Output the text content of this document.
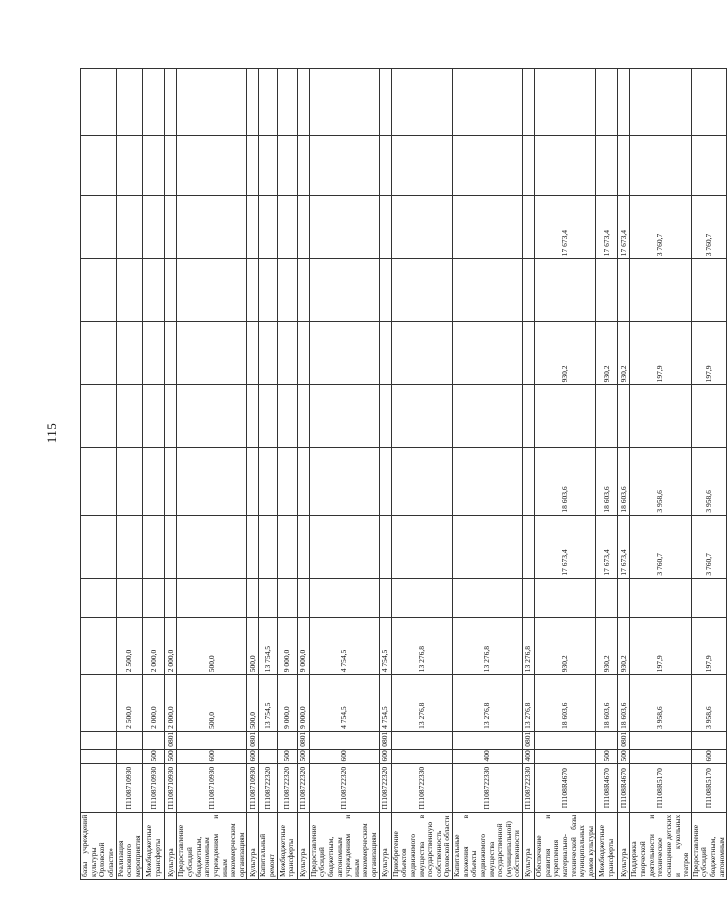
115
базы учреждений культуры Орловской области»														
Реализация основного мероприятия	П1108710930			2 500,0	2 500,0									
Межбюджетные трансферты	П1108710930	500		2 000,0	2 000,0									
Культура	П1108710930	500	0801	2 000,0	2 000,0									
Предоставление субсидий бюджетным, автономным учреждениям и иным некоммерческим организациям	П1108710930	600		500,0	500,0									
Культура	П1108710930	600	0801	500,0	500,0									
Капитальный ремонт	П1108722320			13 754,5	13 754,5									
Межбюджетные трансферты	П1108722320	500		9 000,0	9 000,0									
Культура	П1108722320	500	0801	9 000,0	9 000,0									
Предоставление субсидий бюджетным, автономным учреждениям и иным некоммерческим организациям	П1108722320	600		4 754,5	4 754,5									
Культура	П1108722320	600	0801	4 754,5	4 754,5									
Приобретение объектов недвижимого имущества в государственную собственность Орловской области	П1108722330			13 276,8	13 276,8									
Капитальные вложения в объекты недвижимого имущества государственной (муниципальной) собственности	П1108722330	400		13 276,8	13 276,8									
Культура	П1108722330	400	0801	13 276,8	13 276,8									
Обеспечение развития и укрепления материально-технической базы муниципальных домов культуры	П1108R4670			18 603,6	930,2		17 673,4	18 603,6		930,2		17 673,4		
Межбюджетные трансферты	П1108R4670	500		18 603,6	930,2		17 673,4	18 603,6		930,2		17 673,4		
Культура	П1108R4670	500	0801	18 603,6	930,2		17 673,4	18 603,6		930,2		17 673,4		
Поддержка творческой деятельности и техническое оснащение детских и кукольных театров	П1108R5170			3 958,6	197,9		3 760,7	3 958,6		197,9		3 760,7		
Предоставление субсидий бюджетным, автономным	П1108R5170	600		3 958,6	197,9		3 760,7	3 958,6		197,9		3 760,7		
